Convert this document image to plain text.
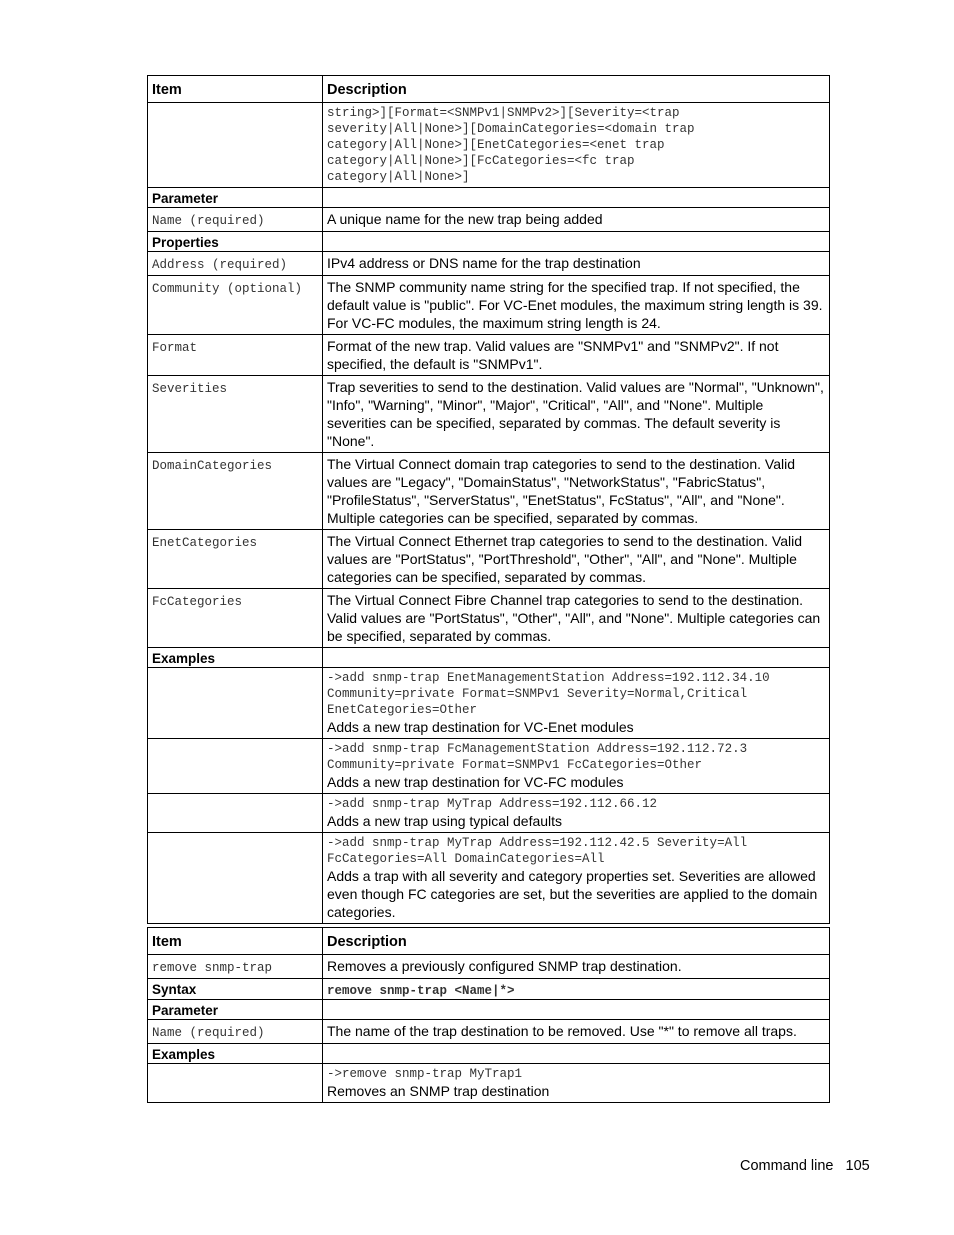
Item	Description

	string>][Format=<SNMPv1|SNMPv2>][Severity=<trap
severity|All|None>][DomainCategories=<domain trap
category|All|None>][EnetCategories=<enet trap
category|All|None>][FcCategories=<fc trap
category|All|None>]

Parameter	
Name (required)	A unique name for the new trap being added
Properties	
Address (required)	IPv4 address or DNS name for the trap destination
Community (optional)	The SNMP community name string for the specified trap. If not specified, the default value is "public". For VC-Enet modules, the maximum string length is 39. For VC-FC modules, the maximum string length is 24.
Format	Format of the new trap. Valid values are "SNMPv1" and "SNMPv2". If not specified, the default is "SNMPv1".
Severities	Trap severities to send to the destination. Valid values are "Normal", "Unknown", "Info", "Warning", "Minor", "Major", "Critical", "All", and "None". Multiple severities can be specified, separated by commas. The default severity is "None".
DomainCategories	The Virtual Connect domain trap categories to send to the destination. Valid values are "Legacy", "DomainStatus", "NetworkStatus", "FabricStatus", "ProfileStatus", "ServerStatus", "EnetStatus", FcStatus", "All", and "None". Multiple categories can be specified, separated by commas.
EnetCategories	The Virtual Connect Ethernet trap categories to send to the destination. Valid values are "PortStatus", "PortThreshold", "Other", "All", and "None". Multiple categories can be specified, separated by commas.
FcCategories	The Virtual Connect Fibre Channel trap categories to send to the destination. Valid values are "PortStatus", "Other", "All", and "None". Multiple categories can be specified, separated by commas.
Examples	

	->add snmp-trap EnetManagementStation Address=192.112.34.10
Community=private Format=SNMPv1 Severity=Normal,Critical
EnetCategories=Other
Adds a new trap destination for VC-Enet modules

	->add snmp-trap FcManagementStation Address=192.112.72.3
Community=private Format=SNMPv1 FcCategories=Other
Adds a new trap destination for VC-FC modules

	->add snmp-trap MyTrap Address=192.112.66.12
Adds a new trap using typical defaults

	->add snmp-trap MyTrap Address=192.112.42.5 Severity=All
FcCategories=All DomainCategories=All
Adds a trap with all severity and category properties set. Severities are allowed even though FC categories are set, but the severities are applied to the domain categories.
Item	Description
remove snmp-trap	Removes a previously configured SNMP trap destination.
Syntax	remove snmp-trap <Name|*>
Parameter	
Name (required)	The name of the trap destination to be removed. Use "*" to remove all traps.
Examples	

	->remove snmp-trap MyTrap1
Removes an SNMP trap destination
Command line 105
